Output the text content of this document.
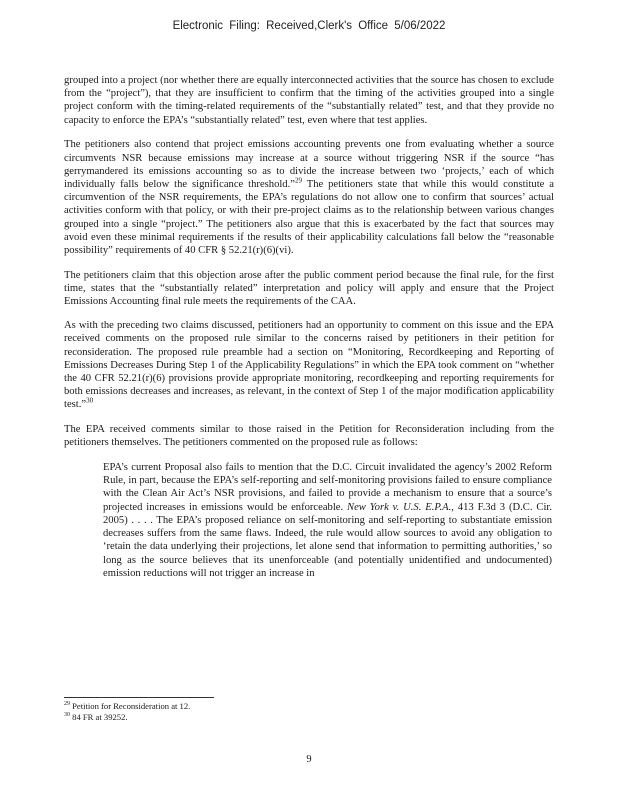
Electronic Filing: Received,Clerk's Office 5/06/2022

grouped into a project (nor whether there are equally interconnected activities that the source has chosen to exclude from the “project”), that they are insufficient to confirm that the timing of the activities grouped into a single project conform with the timing-related requirements of the “substantially related” test, and that they provide no capacity to enforce the EPA’s “substantially related” test, even where that test applies.

The petitioners also contend that project emissions accounting prevents one from evaluating whether a source circumvents NSR because emissions may increase at a source without triggering NSR if the source “has gerrymandered its emissions accounting so as to divide the increase between two ‘projects,’ each of which individually falls below the significance threshold.”$^{29}$ The petitioners state that while this would constitute a circumvention of the NSR requirements, the EPA’s regulations do not allow one to confirm that sources’ actual activities conform with that policy, or with their pre-project claims as to the relationship between various changes grouped into a single “project.” The petitioners also argue that this is exacerbated by the fact that sources may avoid even these minimal requirements if the results of their applicability calculations fall below the “reasonable possibility” requirements of 40 CFR § 52.21(r)(6)(vi).

The petitioners claim that this objection arose after the public comment period because the final rule, for the first time, states that the “substantially related” interpretation and policy will apply and ensure that the Project Emissions Accounting final rule meets the requirements of the CAA.

As with the preceding two claims discussed, petitioners had an opportunity to comment on this issue and the EPA received comments on the proposed rule similar to the concerns raised by petitioners in their petition for reconsideration. The proposed rule preamble had a section on “Monitoring, Recordkeeping and Reporting of Emissions Decreases During Step 1 of the Applicability Regulations” in which the EPA took comment on “whether the 40 CFR 52.21(r)(6) provisions provide appropriate monitoring, recordkeeping and reporting requirements for both emissions decreases and increases, as relevant, in the context of Step 1 of the major modification applicability test.”$^{30}$

The EPA received comments similar to those raised in the Petition for Reconsideration including from the petitioners themselves. The petitioners commented on the proposed rule as follows:

EPA’s current Proposal also fails to mention that the D.C. Circuit invalidated the agency’s 2002 Reform Rule, in part, because the EPA’s self-reporting and self-monitoring provisions failed to ensure compliance with the Clean Air Act’s NSR provisions, and failed to provide a mechanism to ensure that a source’s projected increases in emissions would be enforceable. New York v. U.S. E.P.A., 413 F.3d 3 (D.C. Cir. 2005) . . . . The EPA’s proposed reliance on self-monitoring and self-reporting to substantiate emission decreases suffers from the same flaws. Indeed, the rule would allow sources to avoid any obligation to ‘retain the data underlying their projections, let alone send that information to permitting authorities,’ so long as the source believes that its unenforceable (and potentially unidentified and undocumented) emission reductions will not trigger an increase in

$^{29}$ Petition for Reconsideration at 12.
$^{30}$ 84 FR at 39252.
9
